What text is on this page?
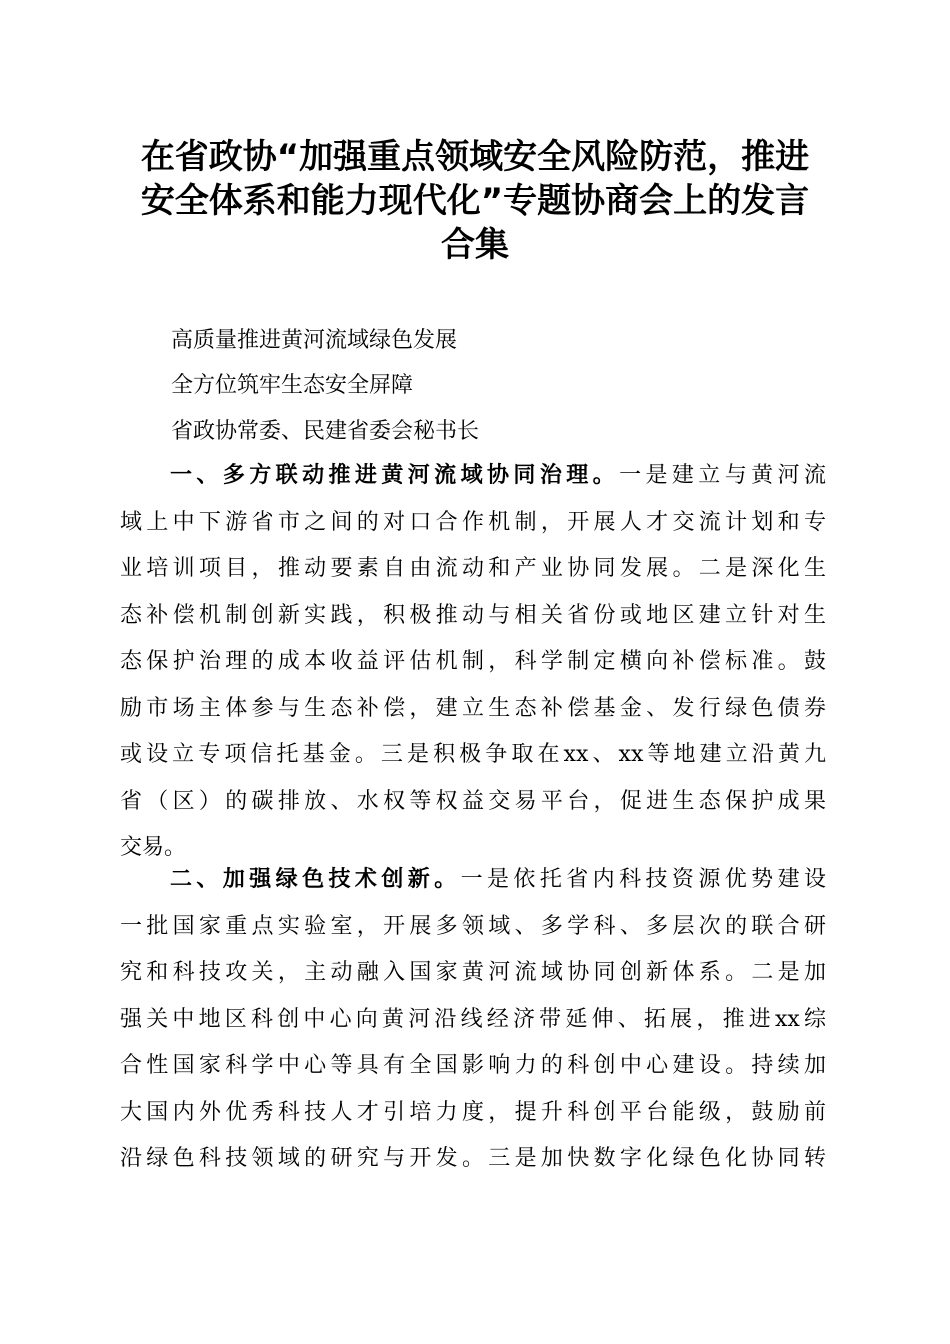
在省政协“加强重点领域安全风险防范，推进
安全体系和能力现代化”专题协商会上的发言
合集
高质量推进黄河流域绿色发展
全方位筑牢生态安全屏障
省政协常委、民建省委会秘书长
一、多方联动推进黄河流域协同治理。一是建立与黄河流
域上中下游省市之间的对口合作机制，开展人才交流计划和专
业培训项目，推动要素自由流动和产业协同发展。二是深化生
态补偿机制创新实践，积极推动与相关省份或地区建立针对生
态保护治理的成本收益评估机制，科学制定横向补偿标准。鼓
励市场主体参与生态补偿，建立生态补偿基金、发行绿色债券
或设立专项信托基金。三是积极争取在xx、xx等地建立沿黄九
省（区）的碳排放、水权等权益交易平台，促进生态保护成果
交易。
二、加强绿色技术创新。一是依托省内科技资源优势建设
一批国家重点实验室，开展多领域、多学科、多层次的联合研
究和科技攻关，主动融入国家黄河流域协同创新体系。二是加
强关中地区科创中心向黄河沿线经济带延伸、拓展，推进xx综
合性国家科学中心等具有全国影响力的科创中心建设。持续加
大国内外优秀科技人才引培力度，提升科创平台能级，鼓励前
沿绿色科技领域的研究与开发。三是加快数字化绿色化协同转
